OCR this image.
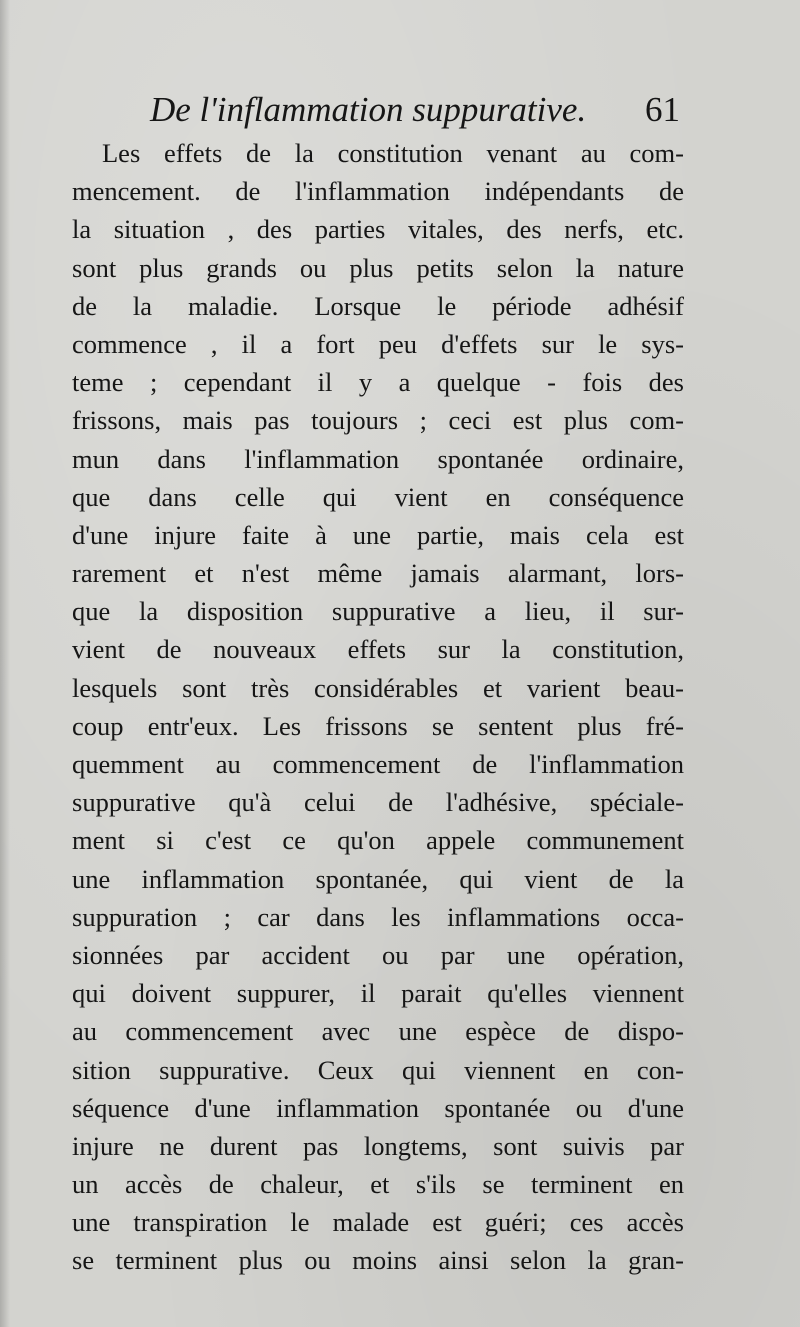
De l'inflammation suppurative. 61
Les effets de la constitution venant au com-
mencement. de l'inflammation indépendants de
la situation , des parties vitales, des nerfs, etc.
sont plus grands ou plus petits selon la nature
de la maladie. Lorsque le période adhésif
commence , il a fort peu d'effets sur le sys-
teme ; cependant il y a quelque - fois des
frissons, mais pas toujours ; ceci est plus com-
mun dans l'inflammation spontanée ordinaire,
que dans celle qui vient en conséquence
d'une injure faite à une partie, mais cela est
rarement et n'est même jamais alarmant, lors-
que la disposition suppurative a lieu, il sur-
vient de nouveaux effets sur la constitution,
lesquels sont très considérables et varient beau-
coup entr'eux. Les frissons se sentent plus fré-
quemment au commencement de l'inflammation
suppurative qu'à celui de l'adhésive, spéciale-
ment si c'est ce qu'on appele communement
une inflammation spontanée, qui vient de la
suppuration ; car dans les inflammations occa-
sionnées par accident ou par une opération,
qui doivent suppurer, il parait qu'elles viennent
au commencement avec une espèce de dispo-
sition suppurative. Ceux qui viennent en con-
séquence d'une inflammation spontanée ou d'une
injure ne durent pas longtems, sont suivis par
un accès de chaleur, et s'ils se terminent en
une transpiration le malade est guéri; ces accès
se terminent plus ou moins ainsi selon la gran-
